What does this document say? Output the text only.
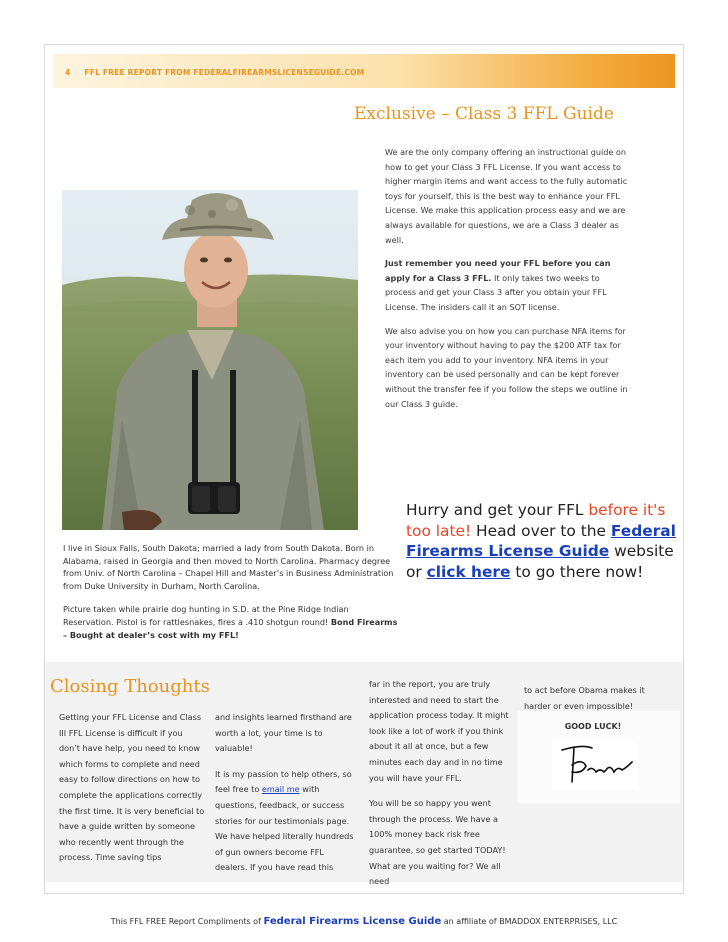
4 FFL FREE REPORT FROM FEDERALFIREARMSLICENSEGUIDE.COM
Exclusive – Class 3 FFL Guide

We are the only company offering an instructional guide on how to get your Class 3 FFL License. If you want access to higher margin items and want access to the fully automatic toys for yourself, this is the best way to enhance your FFL License. We make this application process easy and we are always available for questions, we are a Class 3 dealer as well.

Just remember you need your FFL before you can apply for a Class 3 FFL. It only takes two weeks to process and get your Class 3 after you obtain your FFL License. The insiders call it an SOT license.

We also advise you on how you can purchase NFA items for your inventory without having to pay the $200 ATF tax for each item you add to your inventory. NFA items in your inventory can be used personally and can be kept forever without the transfer fee if you follow the steps we outline in our Class 3 guide.

I live in Sioux Falls, South Dakota; married a lady from South Dakota. Born in Alabama, raised in Georgia and then moved to North Carolina. Pharmacy degree from Univ. of North Carolina – Chapel Hill and Master’s in Business Administration from Duke University in Durham, North Carolina.

Picture taken while prairie dog hunting in S.D. at the Pine Ridge Indian Reservation. Pistol is for rattlesnakes, fires a .410 shotgun round! Bond Firearms – Bought at dealer’s cost with my FFL!

Hurry and get your FFL before it's too late! Head over to the Federal Firearms License Guide website or click here to go there now!
Closing Thoughts

Getting your FFL License and Class III FFL License is difficult if you don’t have help, you need to know which forms to complete and need easy to follow directions on how to complete the applications correctly the first time. It is very beneficial to have a guide written by someone who recently went through the process. Time saving tips

and insights learned firsthand are worth a lot, your time is to valuable!

It is my passion to help others, so feel free to email me with questions, feedback, or success stories for our testimonials page. We have helped literally hundreds of gun owners become FFL dealers. If you have read this

far in the report, you are truly interested and need to start the application process today. It might look like a lot of work if you think about it all at once, but a few minutes each day and in no time you will have your FFL.

You will be so happy you went through the process. We have a 100% money back risk free guarantee, so get started TODAY! What are you waiting for? We all need

to act before Obama makes it harder or even impossible!

GOOD LUCK!
This FFL FREE Report Compliments of Federal Firearms License Guide an affiliate of BMADDOX ENTERPRISES, LLC
